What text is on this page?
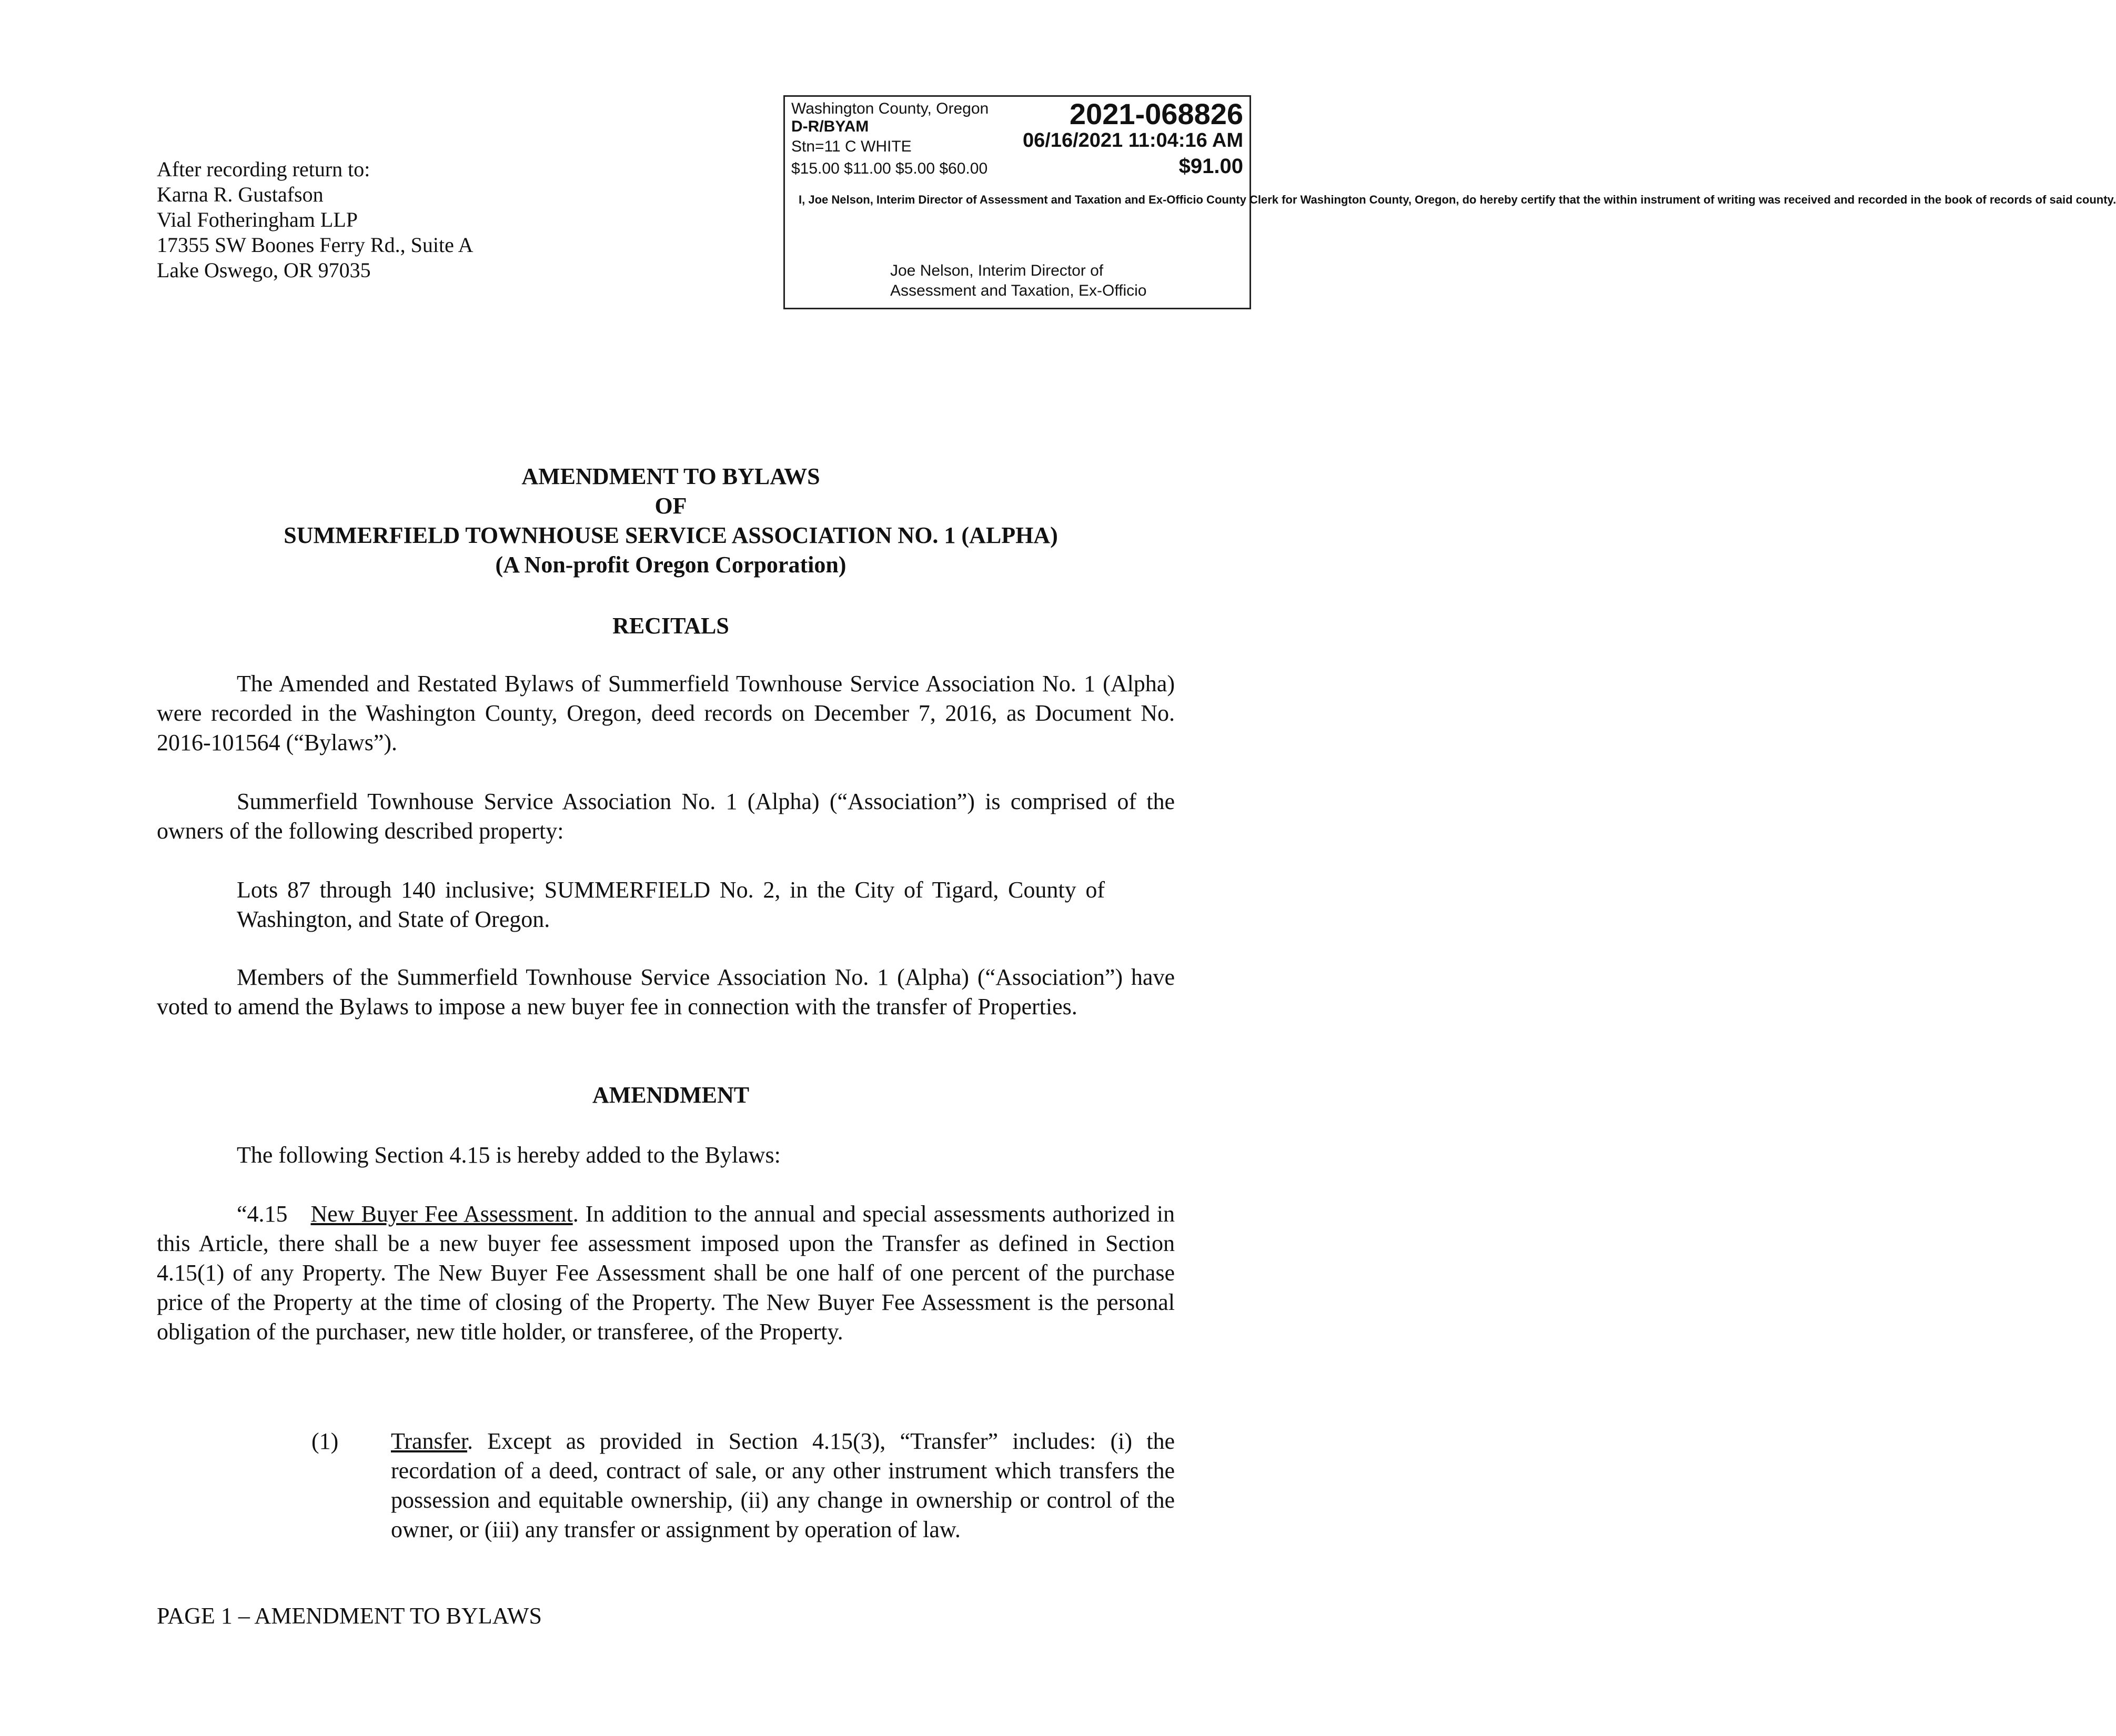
After recording return to:
Karna R. Gustafson
Vial Fotheringham LLP
17355 SW Boones Ferry Rd., Suite A
Lake Oswego, OR 97035
Washington County, Oregon	2021-068826
D-R/BYAM
Stn=11 C WHITE	06/16/2021 11:04:16 AM
$15.00 $11.00 $5.00 $60.00	$91.00
I, Joe Nelson, Interim Director of Assessment and Taxation and Ex-Officio County Clerk for Washington County, Oregon, do hereby certify that the within instrument of writing was received and recorded in the book of records of said county.
Joe Nelson, Interim Director of
Assessment and Taxation, Ex-Officio
AMENDMENT TO BYLAWS
OF
SUMMERFIELD TOWNHOUSE SERVICE ASSOCIATION NO. 1 (ALPHA)
(A Non-profit Oregon Corporation)
RECITALS
The Amended and Restated Bylaws of Summerfield Townhouse Service Association No. 1 (Alpha) were recorded in the Washington County, Oregon, deed records on December 7, 2016, as Document No. 2016-101564 (“Bylaws”).
Summerfield Townhouse Service Association No. 1 (Alpha) (“Association”) is comprised of the owners of the following described property:
Lots 87 through 140 inclusive; SUMMERFIELD No. 2, in the City of Tigard, County of Washington, and State of Oregon.
Members of the Summerfield Townhouse Service Association No. 1 (Alpha) (“Association”) have voted to amend the Bylaws to impose a new buyer fee in connection with the transfer of Properties.
AMENDMENT
The following Section 4.15 is hereby added to the Bylaws:
“4.15 New Buyer Fee Assessment. In addition to the annual and special assessments authorized in this Article, there shall be a new buyer fee assessment imposed upon the Transfer as defined in Section 4.15(1) of any Property. The New Buyer Fee Assessment shall be one half of one percent of the purchase price of the Property at the time of closing of the Property. The New Buyer Fee Assessment is the personal obligation of the purchaser, new title holder, or transferee, of the Property.
(1) Transfer. Except as provided in Section 4.15(3), “Transfer” includes: (i) the recordation of a deed, contract of sale, or any other instrument which transfers the possession and equitable ownership, (ii) any change in ownership or control of the owner, or (iii) any transfer or assignment by operation of law.
PAGE 1 – AMENDMENT TO BYLAWS
